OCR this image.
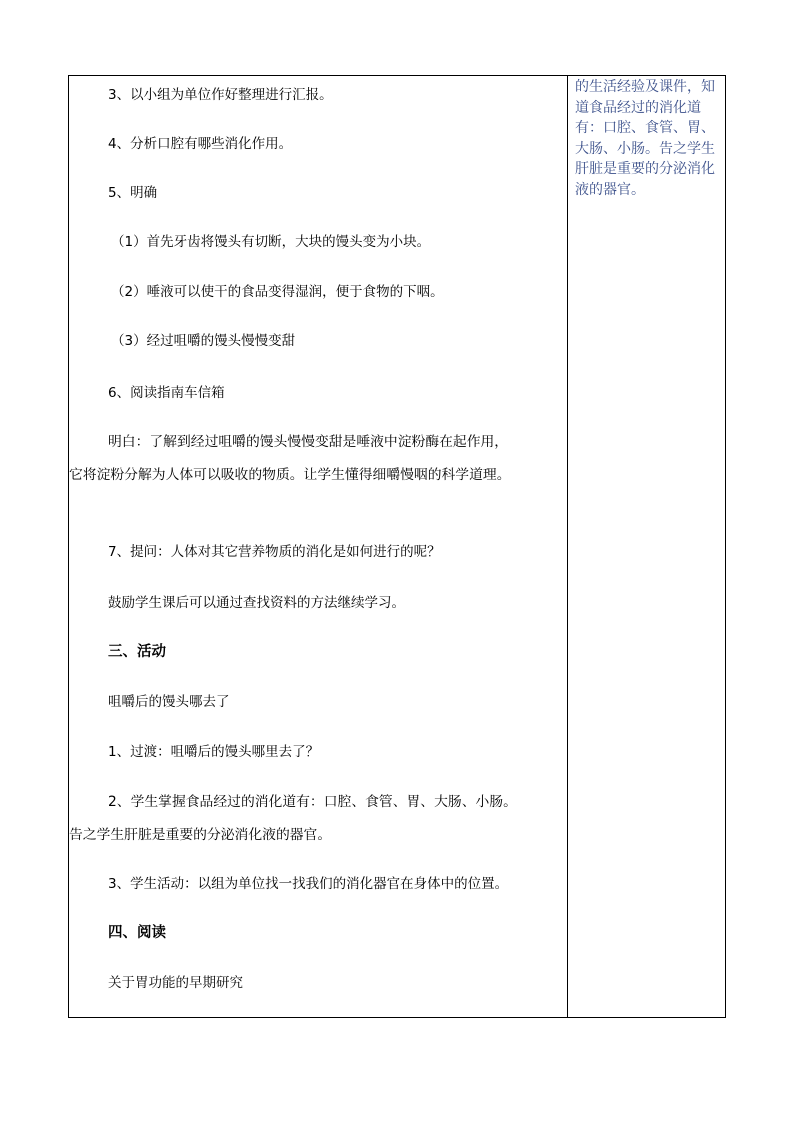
3、以小组为单位作好整理进行汇报。
4、分析口腔有哪些消化作用。
5、明确
（1）首先牙齿将馒头有切断，大块的馒头变为小块。
（2）唾液可以使干的食品变得湿润，便于食物的下咽。
（3）经过咀嚼的馒头慢慢变甜
6、阅读指南车信箱
明白：了解到经过咀嚼的馒头慢慢变甜是唾液中淀粉酶在起作用，
它将淀粉分解为人体可以吸收的物质。让学生懂得细嚼慢咽的科学道理。
7、提问：人体对其它营养物质的消化是如何进行的呢？
鼓励学生课后可以通过查找资料的方法继续学习。
三、活动
咀嚼后的馒头哪去了
1、过渡：咀嚼后的馒头哪里去了？
2、学生掌握食品经过的消化道有：口腔、食管、胃、大肠、小肠。
告之学生肝脏是重要的分泌消化液的器官。
3、学生活动：以组为单位找一找我们的消化器官在身体中的位置。
四、阅读
关于胃功能的早期研究
的生活经验及课件，知道食品经过的消化道有：口腔、食管、胃、大肠、小肠。告之学生肝脏是重要的分泌消化液的器官。
